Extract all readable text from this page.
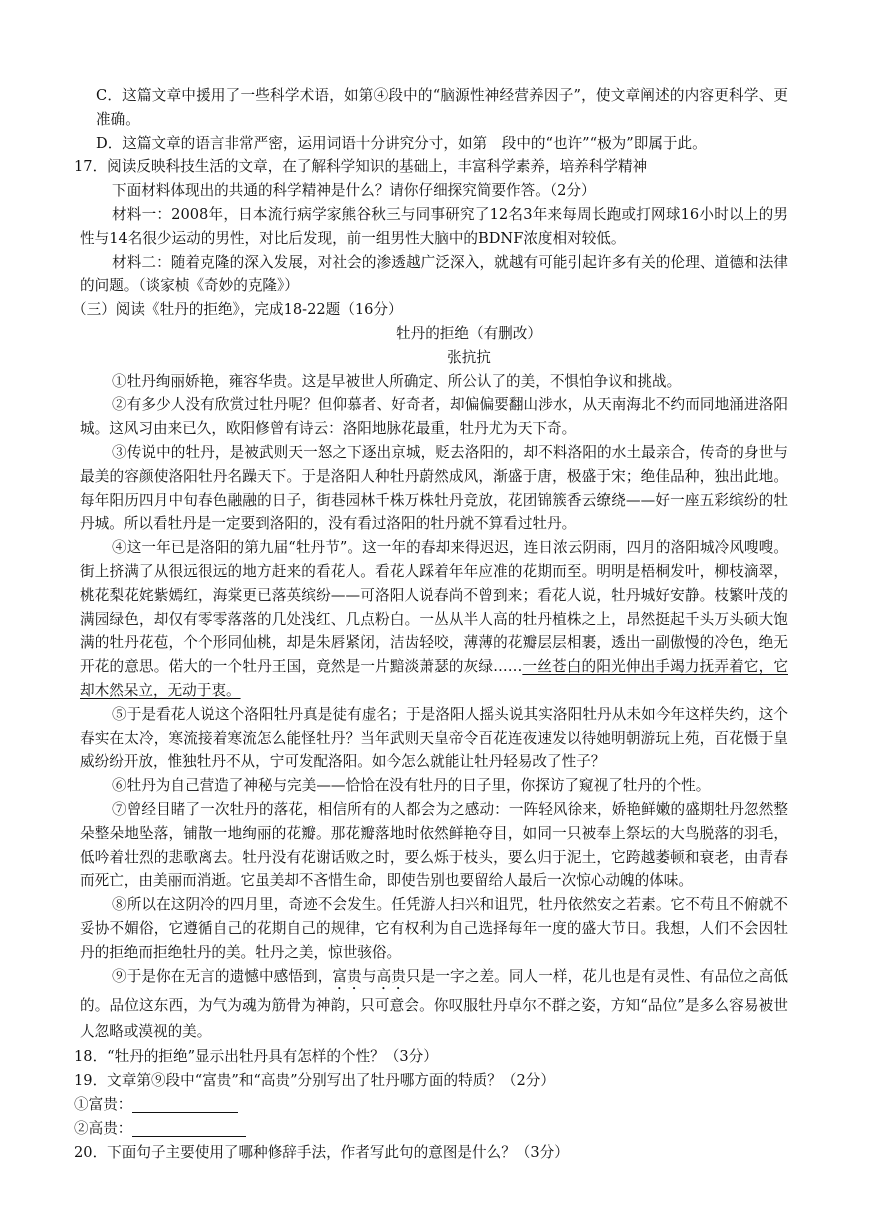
C．这篇文章中援用了一些科学术语，如第④段中的“脑源性神经营养因子”，使文章阐述的内容更科学、更准确。

D．这篇文章的语言非常严密，运用词语十分讲究分寸，如第　段中的“也许”“极为”即属于此。

17．阅读反映科技生活的文章，在了解科学知识的基础上，丰富科学素养，培养科学精神

下面材料体现出的共通的科学精神是什么？请你仔细探究简要作答。（2分）

材料一：2008年，日本流行病学家熊谷秋三与同事研究了12名3年来每周长跑或打网球16小时以上的男性与14名很少运动的男性，对比后发现，前一组男性大脑中的BDNF浓度相对较低。

材料二：随着克隆的深入发展，对社会的渗透越广泛深入，就越有可能引起许多有关的伦理、道德和法律的问题。（谈家桢《奇妙的克隆》）

（三）阅读《牡丹的拒绝》，完成18-22题（16分）

牡丹的拒绝（有删改）

张抗抗

①牡丹绚丽娇艳，雍容华贵。这是早被世人所确定、所公认了的美，不惧怕争议和挑战。

②有多少人没有欣赏过牡丹呢？但仰慕者、好奇者，却偏偏要翻山涉水，从天南海北不约而同地涌进洛阳城。这风习由来已久，欧阳修曾有诗云：洛阳地脉花最重，牡丹尤为天下奇。

③传说中的牡丹，是被武则天一怒之下逐出京城，贬去洛阳的，却不料洛阳的水土最亲合，传奇的身世与最美的容颜使洛阳牡丹名躁天下。于是洛阳人种牡丹蔚然成风，渐盛于唐，极盛于宋；绝佳品种，独出此地。每年阳历四月中旬春色融融的日子，街巷园林千株万株牡丹竞放，花团锦簇香云缭绕——好一座五彩缤纷的牡丹城。所以看牡丹是一定要到洛阳的，没有看过洛阳的牡丹就不算看过牡丹。

④这一年已是洛阳的第九届“牡丹节”。这一年的春却来得迟迟，连日浓云阴雨，四月的洛阳城冷风嗖嗖。街上挤满了从很远很远的地方赶来的看花人。看花人踩着年年应准的花期而至。明明是梧桐发叶，柳枝滴翠，桃花梨花姹紫嫣红，海棠更已落英缤纷——可洛阳人说春尚不曾到来；看花人说，牡丹城好安静。枝繁叶茂的满园绿色，却仅有零零落落的几处浅红、几点粉白。一丛从半人高的牡丹植株之上，昂然挺起千头万头硕大饱满的牡丹花苞，个个形同仙桃，却是朱唇紧闭，洁齿轻咬，薄薄的花瓣层层相裹，透出一副傲慢的冷色，绝无开花的意思。偌大的一个牡丹王国，竟然是一片黯淡萧瑟的灰绿……一丝苍白的阳光伸出手竭力抚弄着它，它却木然呆立，无动于衷。

⑤于是看花人说这个洛阳牡丹真是徒有虚名；于是洛阳人摇头说其实洛阳牡丹从未如今年这样失约，这个春实在太冷，寒流接着寒流怎么能怪牡丹？当年武则天皇帝令百花连夜速发以待她明朝游玩上苑，百花慑于皇威纷纷开放，惟独牡丹不从，宁可发配洛阳。如今怎么就能让牡丹轻易改了性子？

⑥牡丹为自己营造了神秘与完美——恰恰在没有牡丹的日子里，你探访了窥视了牡丹的个性。

⑦曾经目睹了一次牡丹的落花，相信所有的人都会为之感动：一阵轻风徐来，娇艳鲜嫩的盛期牡丹忽然整朵整朵地坠落，铺散一地绚丽的花瓣。那花瓣落地时依然鲜艳夺目，如同一只被奉上祭坛的大鸟脱落的羽毛，低吟着壮烈的悲歌离去。牡丹没有花谢话败之时，要么烁于枝头，要么归于泥土，它跨越萎顿和衰老，由青春而死亡，由美丽而消逝。它虽美却不吝惜生命，即使告别也要留给人最后一次惊心动魄的体味。

⑧所以在这阴冷的四月里，奇迹不会发生。任凭游人扫兴和诅咒，牡丹依然安之若素。它不苟且不俯就不妥协不媚俗，它遵循自己的花期自己的规律，它有权利为自己选择每年一度的盛大节日。我想，人们不会因牡丹的拒绝而拒绝牡丹的美。牡丹之美，惊世骇俗。

⑨于是你在无言的遗憾中感悟到，富贵与高贵只是一字之差。同人一样，花儿也是有灵性、有品位之高低的。品位这东西，为气为魂为筋骨为神韵，只可意会。你叹服牡丹卓尔不群之姿，方知“品位”是多么容易被世人忽略或漠视的美。

18．“牡丹的拒绝”显示出牡丹具有怎样的个性？（3分）

19．文章第⑨段中“富贵”和“高贵”分别写出了牡丹哪方面的特质？（2分）

①富贵：

②高贵：

20．下面句子主要使用了哪种修辞手法，作者写此句的意图是什么？（3分）
